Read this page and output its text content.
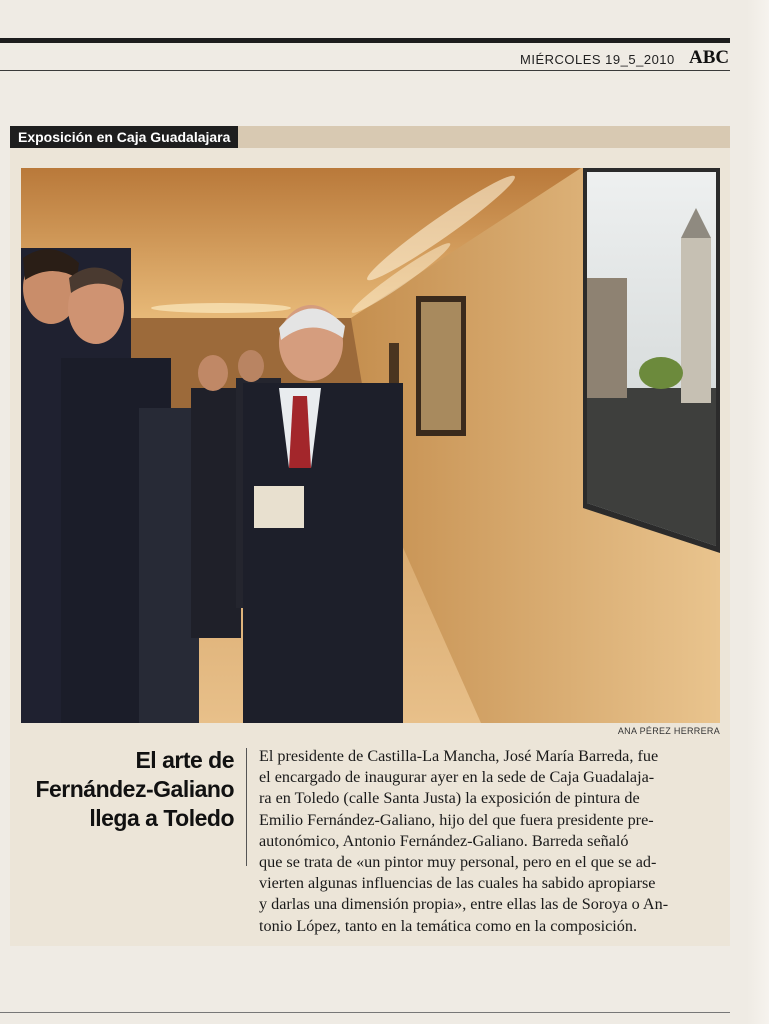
MIÉRCOLES 19_5_2010 ABC
Exposición en Caja Guadalajara
ANA PÉREZ HERRERA
El arte de
Fernández-Galiano
llega a Toledo

El presidente de Castilla-La Mancha, José María Barreda, fue
el encargado de inaugurar ayer en la sede de Caja Guadalaja-
ra en Toledo (calle Santa Justa) la exposición de pintura de
Emilio Fernández-Galiano, hijo del que fuera presidente pre-
autonómico, Antonio Fernández-Galiano. Barreda señaló
que se trata de «un pintor muy personal, pero en el que se ad-
vierten algunas influencias de las cuales ha sabido apropiarse
y darlas una dimensión propia», entre ellas las de Soroya o An-
tonio López, tanto en la temática como en la composición.
